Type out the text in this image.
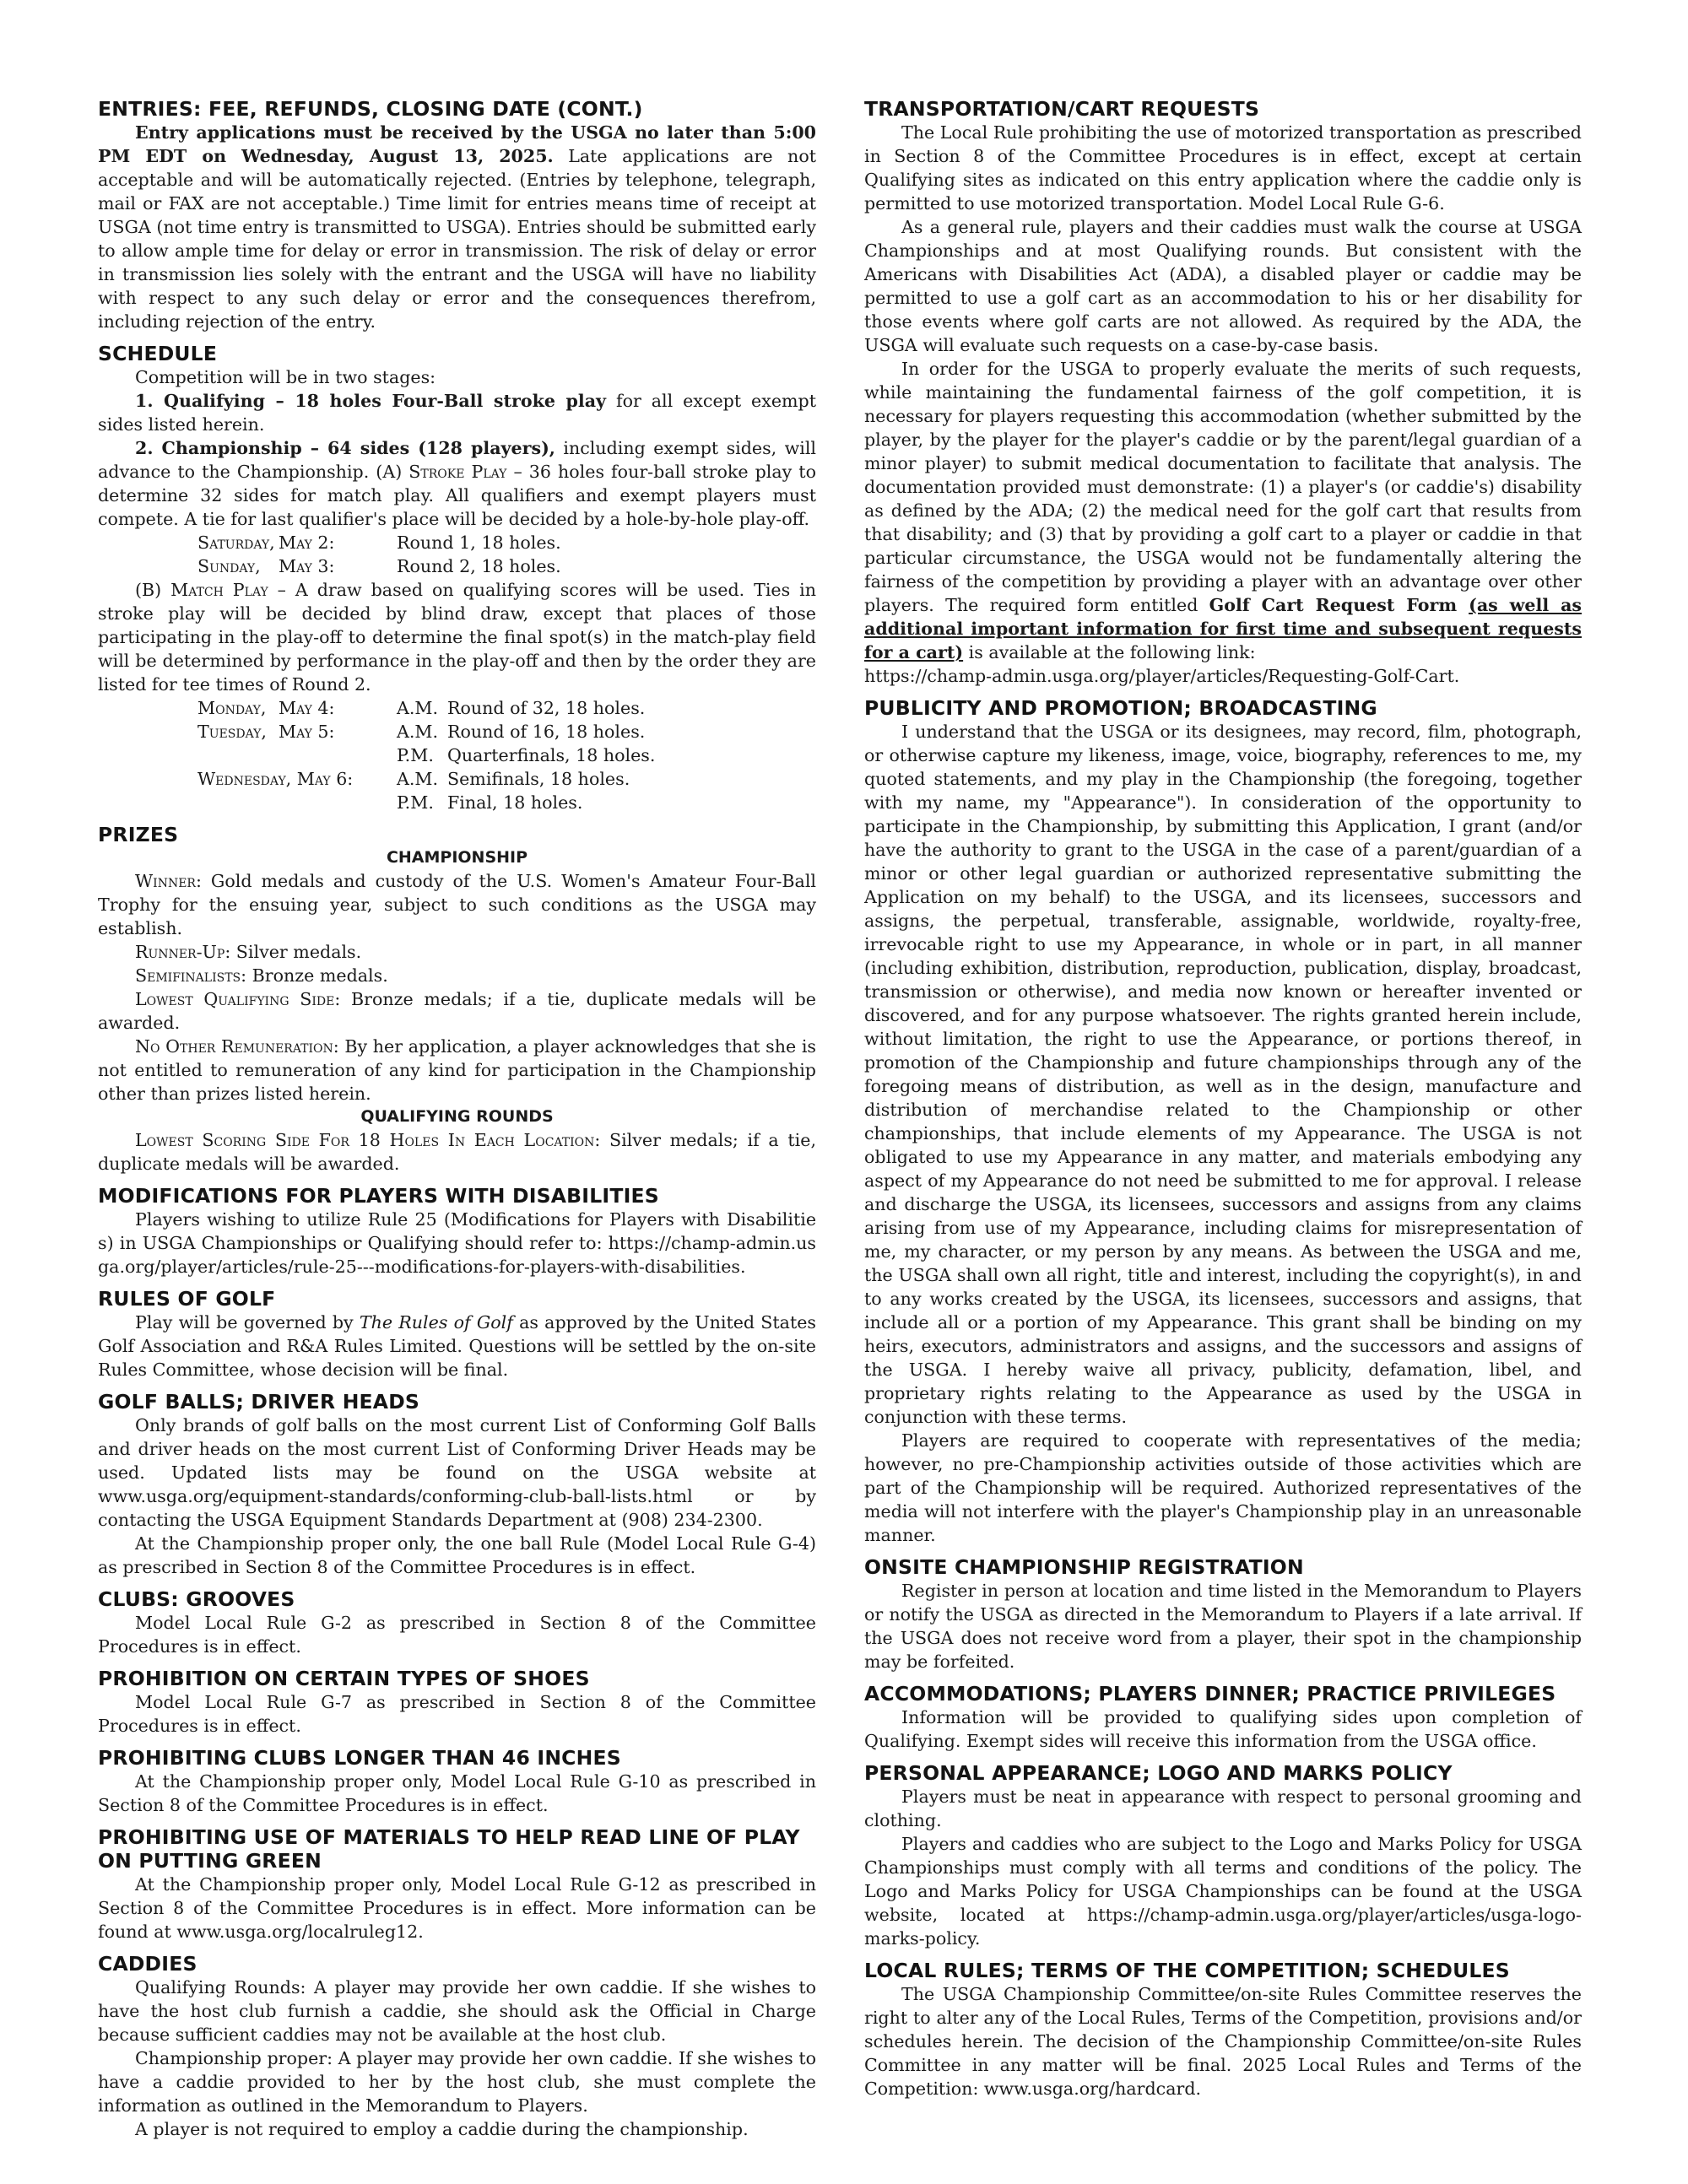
ENTRIES: FEE, REFUNDS, CLOSING DATE (CONT.)

Entry applications must be received by the USGA no later than 5:00 PM EDT on Wednesday, August 13, 2025. Late applications are not acceptable and will be automatically rejected. (Entries by telephone, telegraph, mail or FAX are not acceptable.) Time limit for entries means time of receipt at USGA (not time entry is transmitted to USGA). Entries should be submitted early to allow ample time for delay or error in transmission. The risk of delay or error in transmission lies solely with the entrant and the USGA will have no liability with respect to any such delay or error and the consequences therefrom, including rejection of the entry.

SCHEDULE

Competition will be in two stages:

1. Qualifying – 18 holes Four-Ball stroke play for all except exempt sides listed herein.

2. Championship – 64 sides (128 players), including exempt sides, will advance to the Championship. (A) Stroke Play – 36 holes four-ball stroke play to determine 32 sides for match play. All qualifiers and exempt players must compete. A tie for last qualifier's place will be decided by a hole-by-hole play-off.

Saturday,	May 2:	Round 1, 18 holes.
Sunday,	May 3:	Round 2, 18 holes.

(B) Match Play – A draw based on qualifying scores will be used. Ties in stroke play will be decided by blind draw, except that places of those participating in the play-off to determine the final spot(s) in the match-play field will be determined by performance in the play-off and then by the order they are listed for tee times of Round 2.

Monday,	May 4:	A.M.	Round of 32, 18 holes.
Tuesday,	May 5:	A.M.	Round of 16, 18 holes.
		P.M.	Quarterfinals, 18 holes.
Wednesday, May 6:		A.M.	Semifinals, 18 holes.
		P.M.	Final, 18 holes.
PRIZES

CHAMPIONSHIP

Winner: Gold medals and custody of the U.S. Women's Amateur Four-Ball Trophy for the ensuing year, subject to such conditions as the USGA may establish.

Runner-Up: Silver medals.

Semifinalists: Bronze medals.

Lowest Qualifying Side: Bronze medals; if a tie, duplicate medals will be awarded.

No Other Remuneration: By her application, a player acknowledges that she is not entitled to remuneration of any kind for participation in the Championship other than prizes listed herein.

QUALIFYING ROUNDS

Lowest Scoring Side For 18 Holes In Each Location: Silver medals; if a tie, duplicate medals will be awarded.

MODIFICATIONS FOR PLAYERS WITH DISABILITIES

Players wishing to utilize Rule 25 (Modifications for Players with Disabilities) in USGA Championships or Qualifying should refer to: https://champ-admin.usga.org/player/articles/rule-25---modifications-for-players-with-disabilities.

RULES OF GOLF

Play will be governed by The Rules of Golf as approved by the United States Golf Association and R&A Rules Limited. Questions will be settled by the on-site Rules Committee, whose decision will be final.

GOLF BALLS; DRIVER HEADS

Only brands of golf balls on the most current List of Conforming Golf Balls and driver heads on the most current List of Conforming Driver Heads may be used. Updated lists may be found on the USGA website at www.usga.org/equipment-standards/conforming-club-ball-lists.html or by contacting the USGA Equipment Standards Department at (908) 234-2300.

At the Championship proper only, the one ball Rule (Model Local Rule G-4) as prescribed in Section 8 of the Committee Procedures is in effect.

CLUBS: GROOVES

Model Local Rule G-2 as prescribed in Section 8 of the Committee Procedures is in effect.

PROHIBITION ON CERTAIN TYPES OF SHOES

Model Local Rule G-7 as prescribed in Section 8 of the Committee Procedures is in effect.

PROHIBITING CLUBS LONGER THAN 46 INCHES

At the Championship proper only, Model Local Rule G-10 as prescribed in Section 8 of the Committee Procedures is in effect.

PROHIBITING USE OF MATERIALS TO HELP READ LINE OF PLAY ON PUTTING GREEN

At the Championship proper only, Model Local Rule G-12 as prescribed in Section 8 of the Committee Procedures is in effect. More information can be found at www.usga.org/localruleg12.

CADDIES

Qualifying Rounds: A player may provide her own caddie. If she wishes to have the host club furnish a caddie, she should ask the Official in Charge because sufficient caddies may not be available at the host club.

Championship proper: A player may provide her own caddie. If she wishes to have a caddie provided to her by the host club, she must complete the information as outlined in the Memorandum to Players.

A player is not required to employ a caddie during the championship.

TRANSPORTATION/CART REQUESTS

The Local Rule prohibiting the use of motorized transportation as prescribed in Section 8 of the Committee Procedures is in effect, except at certain Qualifying sites as indicated on this entry application where the caddie only is permitted to use motorized transportation. Model Local Rule G-6.

As a general rule, players and their caddies must walk the course at USGA Championships and at most Qualifying rounds. But consistent with the Americans with Disabilities Act (ADA), a disabled player or caddie may be permitted to use a golf cart as an accommodation to his or her disability for those events where golf carts are not allowed. As required by the ADA, the USGA will evaluate such requests on a case-by-case basis.

In order for the USGA to properly evaluate the merits of such requests, while maintaining the fundamental fairness of the golf competition, it is necessary for players requesting this accommodation (whether submitted by the player, by the player for the player's caddie or by the parent/legal guardian of a minor player) to submit medical documentation to facilitate that analysis. The documentation provided must demonstrate: (1) a player's (or caddie's) disability as defined by the ADA; (2) the medical need for the golf cart that results from that disability; and (3) that by providing a golf cart to a player or caddie in that particular circumstance, the USGA would not be fundamentally altering the fairness of the competition by providing a player with an advantage over other players. The required form entitled Golf Cart Request Form (as well as additional important information for first time and subsequent requests for a cart) is available at the following link:

https://champ-admin.usga.org/player/articles/Requesting-Golf-Cart.

PUBLICITY AND PROMOTION; BROADCASTING

I understand that the USGA or its designees, may record, film, photograph, or otherwise capture my likeness, image, voice, biography, references to me, my quoted statements, and my play in the Championship (the foregoing, together with my name, my "Appearance"). In consideration of the opportunity to participate in the Championship, by submitting this Application, I grant (and/or have the authority to grant to the USGA in the case of a parent/guardian of a minor or other legal guardian or authorized representative submitting the Application on my behalf) to the USGA, and its licensees, successors and assigns, the perpetual, transferable, assignable, worldwide, royalty-free, irrevocable right to use my Appearance, in whole or in part, in all manner (including exhibition, distribution, reproduction, publication, display, broadcast, transmission or otherwise), and media now known or hereafter invented or discovered, and for any purpose whatsoever. The rights granted herein include, without limitation, the right to use the Appearance, or portions thereof, in promotion of the Championship and future championships through any of the foregoing means of distribution, as well as in the design, manufacture and distribution of merchandise related to the Championship or other championships, that include elements of my Appearance. The USGA is not obligated to use my Appearance in any matter, and materials embodying any aspect of my Appearance do not need be submitted to me for approval. I release and discharge the USGA, its licensees, successors and assigns from any claims arising from use of my Appearance, including claims for misrepresentation of me, my character, or my person by any means. As between the USGA and me, the USGA shall own all right, title and interest, including the copyright(s), in and to any works created by the USGA, its licensees, successors and assigns, that include all or a portion of my Appearance. This grant shall be binding on my heirs, executors, administrators and assigns, and the successors and assigns of the USGA. I hereby waive all privacy, publicity, defamation, libel, and proprietary rights relating to the Appearance as used by the USGA in conjunction with these terms.

Players are required to cooperate with representatives of the media; however, no pre-Championship activities outside of those activities which are part of the Championship will be required. Authorized representatives of the media will not interfere with the player's Championship play in an unreasonable manner.

ONSITE CHAMPIONSHIP REGISTRATION

Register in person at location and time listed in the Memorandum to Players or notify the USGA as directed in the Memorandum to Players if a late arrival. If the USGA does not receive word from a player, their spot in the championship may be forfeited.

ACCOMMODATIONS; PLAYERS DINNER; PRACTICE PRIVILEGES

Information will be provided to qualifying sides upon completion of Qualifying. Exempt sides will receive this information from the USGA office.

PERSONAL APPEARANCE; LOGO AND MARKS POLICY

Players must be neat in appearance with respect to personal grooming and clothing.

Players and caddies who are subject to the Logo and Marks Policy for USGA Championships must comply with all terms and conditions of the policy. The Logo and Marks Policy for USGA Championships can be found at the USGA website, located at https://champ-admin.usga.org/player/articles/usga-logo-marks-policy.

LOCAL RULES; TERMS OF THE COMPETITION; SCHEDULES

The USGA Championship Committee/on-site Rules Committee reserves the right to alter any of the Local Rules, Terms of the Competition, provisions and/or schedules herein. The decision of the Championship Committee/on-site Rules Committee in any matter will be final. 2025 Local Rules and Terms of the Competition: www.usga.org/hardcard.
